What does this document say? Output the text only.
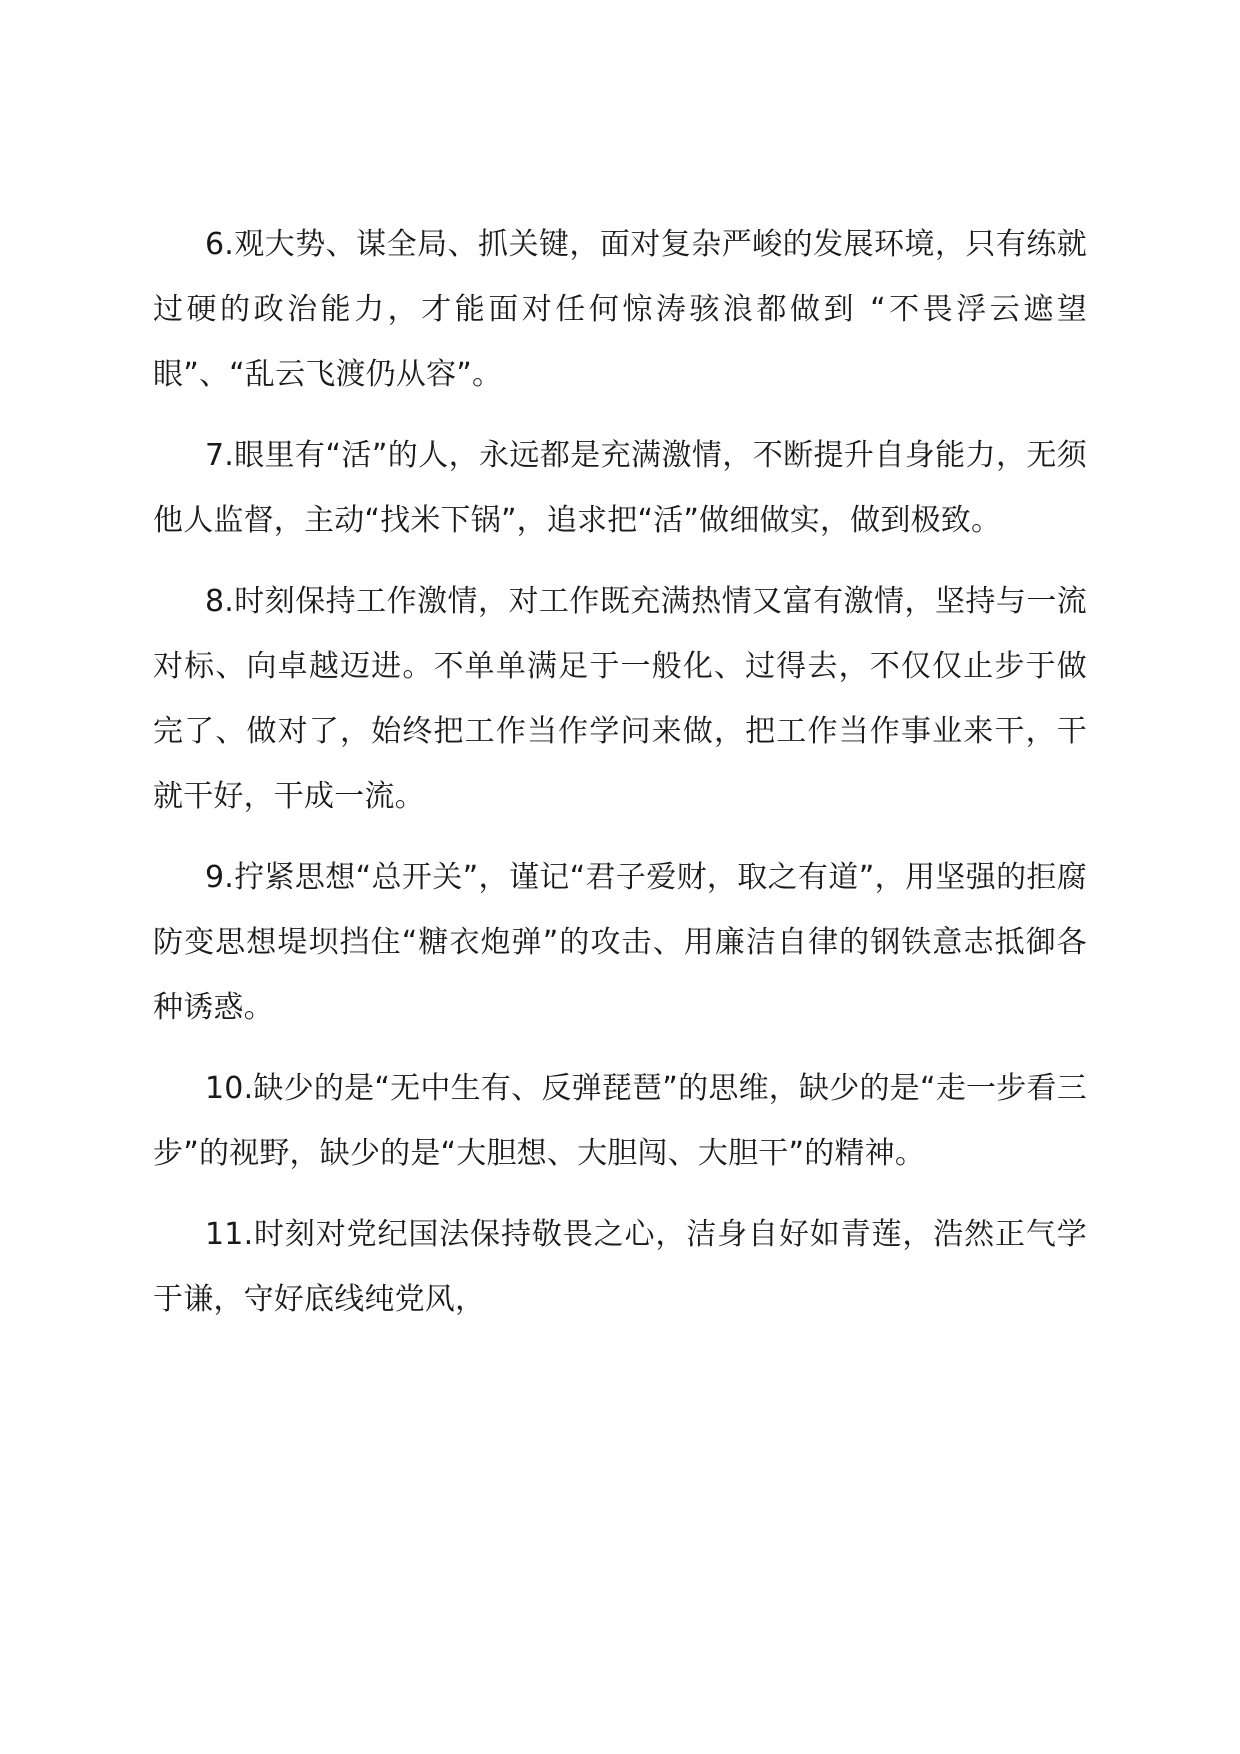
6.观大势、谋全局、抓关键，面对复杂严峻的发展环境，只有练就过硬的政治能力，才能面对任何惊涛骇浪都做到 “不畏浮云遮望眼”、“乱云飞渡仍从容”。

7.眼里有“活”的人，永远都是充满激情，不断提升自身能力，无须他人监督，主动“找米下锅”，追求把“活”做细做实，做到极致。

8.时刻保持工作激情，对工作既充满热情又富有激情，坚持与一流对标、向卓越迈进。不单单满足于一般化、过得去，不仅仅止步于做完了、做对了，始终把工作当作学问来做，把工作当作事业来干，干就干好，干成一流。

9.拧紧思想“总开关”，谨记“君子爱财，取之有道”，用坚强的拒腐防变思想堤坝挡住“糖衣炮弹”的攻击、用廉洁自律的钢铁意志抵御各种诱惑。

10.缺少的是“无中生有、反弹琵琶”的思维，缺少的是“走一步看三步”的视野，缺少的是“大胆想、大胆闯、大胆干”的精神。

11.时刻对党纪国法保持敬畏之心，洁身自好如青莲，浩然正气学于谦，守好底线纯党风，
